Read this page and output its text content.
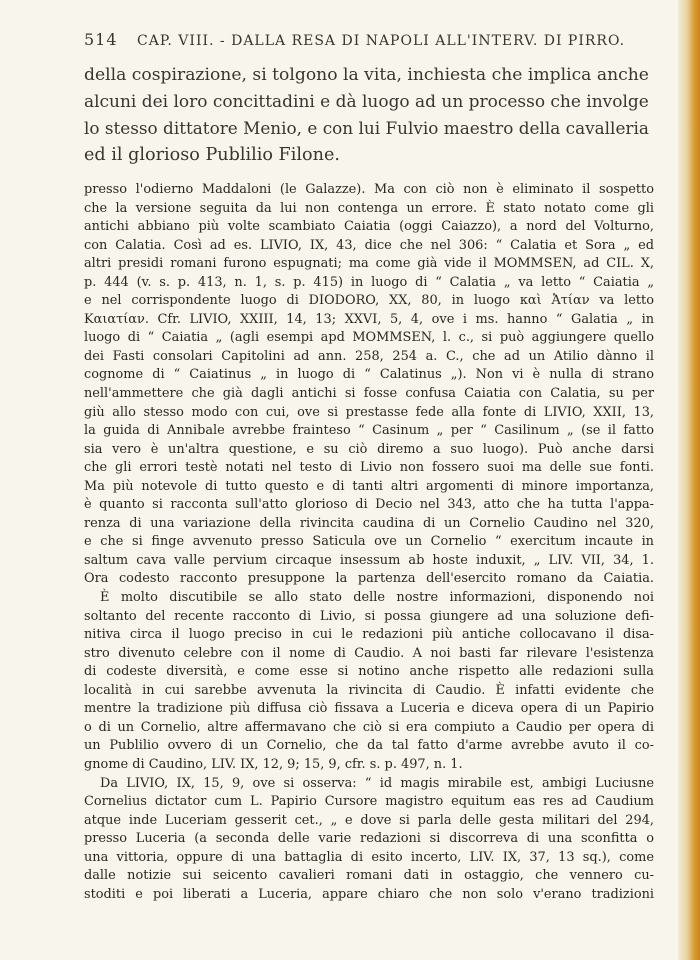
514 CAP. VIII. - DALLA RESA DI NAPOLI ALL'INTERV. DI PIRRO.
della cospirazione, si tolgono la vita, inchiesta che implica anche
alcuni dei loro concittadini e dà luogo ad un processo che involge
lo stesso dittatore Menio, e con lui Fulvio maestro della cavalleria
ed il glorioso Publilio Filone.
presso l'odierno Maddaloni (le Galazze). Ma con ciò non è eliminato il sospetto
che la versione seguita da lui non contenga un errore. È stato notato come gli
antichi abbiano più volte scambiato Caiatia (oggi Caiazzo), a nord del Volturno,
con Calatia. Così ad es. LIVIO, IX, 43, dice che nel 306: “ Calatia et Sora „ ed
altri presidi romani furono espugnati; ma come già vide il MOMMSEN, ad CIL. X,
p. 444 (v. s. p. 413, n. 1, s. p. 415) in luogo di “ Calatia „ va letto “ Caiatia „
e nel corrispondente luogo di DIODORO, XX, 80, in luogo καὶ Ἀτίαν va letto
Καιατίαν. Cfr. LIVIO, XXIII, 14, 13; XXVI, 5, 4, ove i ms. hanno “ Galatia „ in
luogo di “ Caiatia „ (agli esempi apd MOMMSEN, l. c., si può aggiungere quello
dei Fasti consolari Capitolini ad ann. 258, 254 a. C., che ad un Atilio dànno il
cognome di “ Caiatinus „ in luogo di “ Calatinus „). Non vi è nulla di strano
nell'ammettere che già dagli antichi si fosse confusa Caiatia con Calatia, su per
giù allo stesso modo con cui, ove si prestasse fede alla fonte di LIVIO, XXII, 13,
la guida di Annibale avrebbe frainteso “ Casinum „ per “ Casilinum „ (se il fatto
sia vero è un'altra questione, e su ciò diremo a suo luogo). Può anche darsi
che gli errori testè notati nel testo di Livio non fossero suoi ma delle sue fonti.
Ma più notevole di tutto questo e di tanti altri argomenti di minore importanza,
è quanto si racconta sull'atto glorioso di Decio nel 343, atto che ha tutta l'appa-
renza di una variazione della rivincita caudina di un Cornelio Caudino nel 320,
e che si finge avvenuto presso Saticula ove un Cornelio “ exercitum incaute in
saltum cava valle pervium circaque insessum ab hoste induxit, „ LIV. VII, 34, 1.
Ora codesto racconto presuppone la partenza dell'esercito romano da Caiatia.
È molto discutibile se allo stato delle nostre informazioni, disponendo noi
soltanto del recente racconto di Livio, si possa giungere ad una soluzione defi-
nitiva circa il luogo preciso in cui le redazioni più antiche collocavano il disa-
stro divenuto celebre con il nome di Caudio. A noi basti far rilevare l'esistenza
di codeste diversità, e come esse si notino anche rispetto alle redazioni sulla
località in cui sarebbe avvenuta la rivincita di Caudio. È infatti evidente che
mentre la tradizione più diffusa ciò fissava a Luceria e diceva opera di un Papirio
o di un Cornelio, altre affermavano che ciò si era compiuto a Caudio per opera di
un Publilio ovvero di un Cornelio, che da tal fatto d'arme avrebbe avuto il co-
gnome di Caudino, LIV. IX, 12, 9; 15, 9, cfr. s. p. 497, n. 1.
Da LIVIO, IX, 15, 9, ove si osserva: “ id magis mirabile est, ambigi Luciusne
Cornelius dictator cum L. Papirio Cursore magistro equitum eas res ad Caudium
atque inde Luceriam gesserit cet., „ e dove si parla delle gesta militari del 294,
presso Luceria (a seconda delle varie redazioni si discorreva di una sconfitta o
una vittoria, oppure di una battaglia di esito incerto, LIV. IX, 37, 13 sq.), come
dalle notizie sui seicento cavalieri romani dati in ostaggio, che vennero cu-
stoditi e poi liberati a Luceria, appare chiaro che non solo v'erano tradizioni
